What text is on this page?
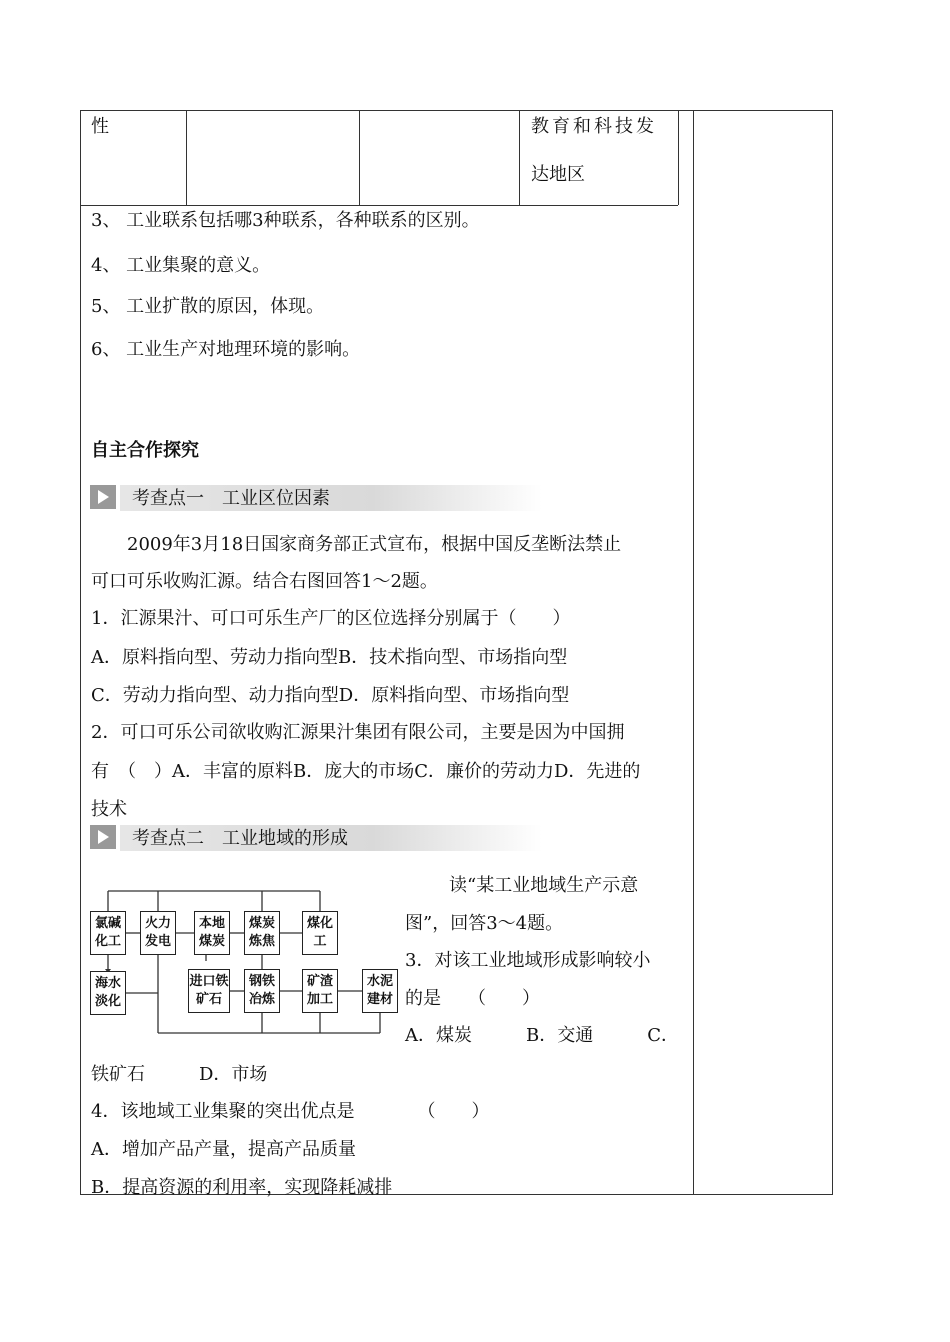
性	教育和科技发
达地区
3、 工业联系包括哪3种联系，各种联系的区别。
4、 工业集聚的意义。
5、 工业扩散的原因，体现。
6、 工业生产对地理环境的影响。
自主合作探究
考查点一　工业区位因素
　　2009年3月18日国家商务部正式宣布，根据中国反垄断法禁止
可口可乐收购汇源。结合右图回答1～2题。
1．汇源果汁、可口可乐生产厂的区位选择分别属于（　　）
A．原料指向型、劳动力指向型B．技术指向型、市场指向型
C．劳动力指向型、动力指向型D．原料指向型、市场指向型
2．可口可乐公司欲收购汇源果汁集团有限公司，主要是因为中国拥
有　（　）A．丰富的原料B．庞大的市场C．廉价的劳动力D．先进的
技术
考查点二　工业地域的形成
氯碱
化工
火力
发电
本地
煤炭
煤炭
炼焦
煤化
工
海水
淡化
进口铁
矿石
钢铁
冶炼
矿渣
加工
水泥
建材
读“某工业地域生产示意
图”，回答3～4题。
3．对该工业地域形成影响较小
的是　　（　　）
A．煤炭　　　B．交通　　　C．
铁矿石　　　D．市场
4．该地域工业集聚的突出优点是　　　　（　　）
A．增加产品产量，提高产品质量
B．提高资源的利用率，实现降耗减排
